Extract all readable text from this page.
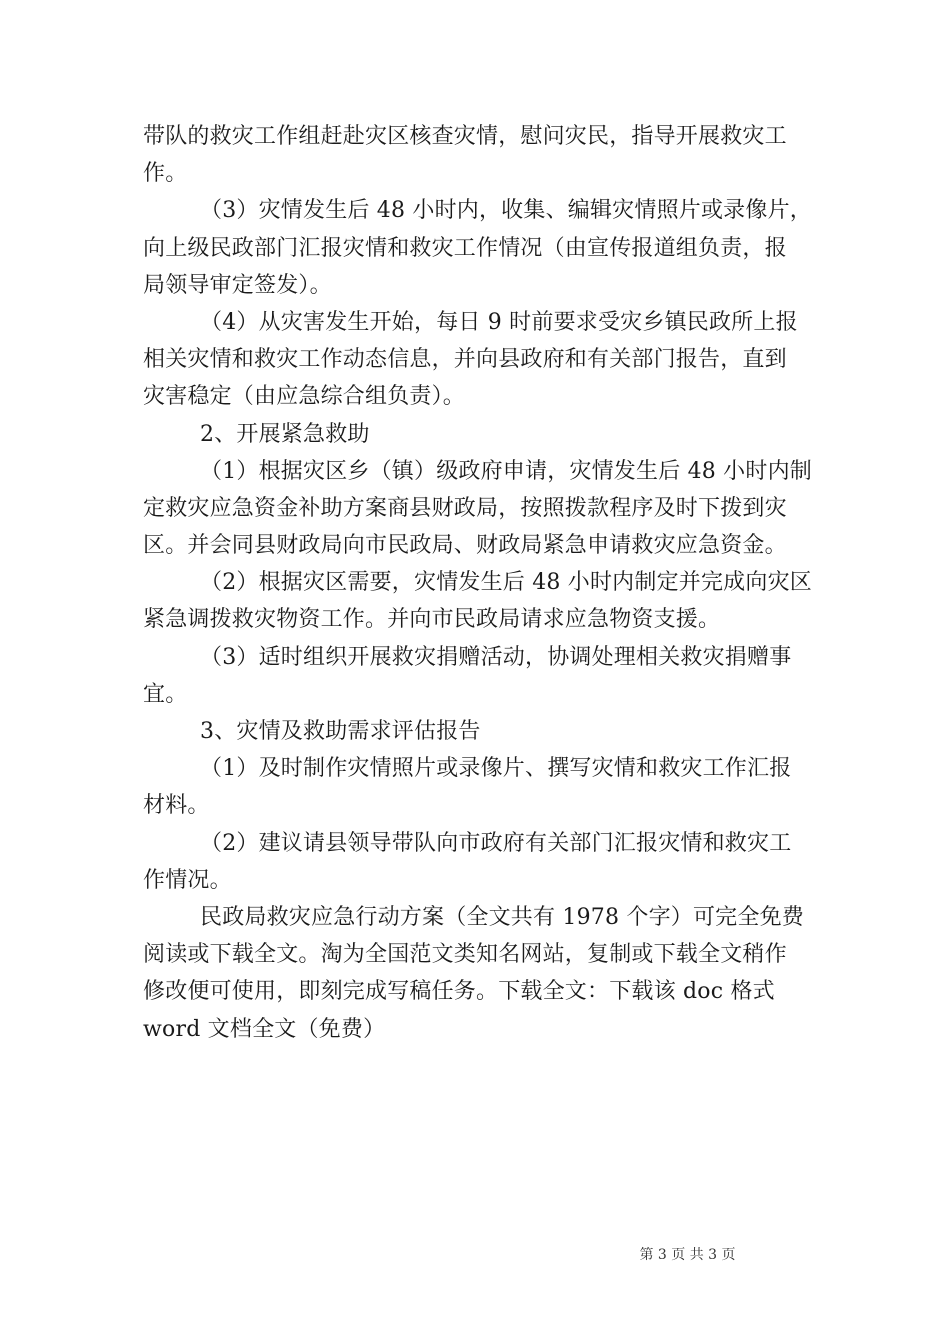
带队的救灾工作组赶赴灾区核查灾情，慰问灾民，指导开展救灾工
作。
（3）灾情发生后 48 小时内，收集、编辑灾情照片或录像片，
向上级民政部门汇报灾情和救灾工作情况（由宣传报道组负责，报
局领导审定签发）。
（4）从灾害发生开始，每日 9 时前要求受灾乡镇民政所上报
相关灾情和救灾工作动态信息，并向县政府和有关部门报告，直到
灾害稳定（由应急综合组负责）。
2、开展紧急救助
（1）根据灾区乡（镇）级政府申请，灾情发生后 48 小时内制
定救灾应急资金补助方案商县财政局，按照拨款程序及时下拨到灾
区。并会同县财政局向市民政局、财政局紧急申请救灾应急资金。
（2）根据灾区需要，灾情发生后 48 小时内制定并完成向灾区
紧急调拨救灾物资工作。并向市民政局请求应急物资支援。
（3）适时组织开展救灾捐赠活动，协调处理相关救灾捐赠事
宜。
3、灾情及救助需求评估报告
（1）及时制作灾情照片或录像片、撰写灾情和救灾工作汇报
材料。
（2）建议请县领导带队向市政府有关部门汇报灾情和救灾工
作情况。
民政局救灾应急行动方案（全文共有 1978 个字）可完全免费
阅读或下载全文。淘为全国范文类知名网站，复制或下载全文稍作
修改便可使用，即刻完成写稿任务。下载全文：下载该 doc 格式
word 文档全文（免费）
第 3 页 共 3 页
